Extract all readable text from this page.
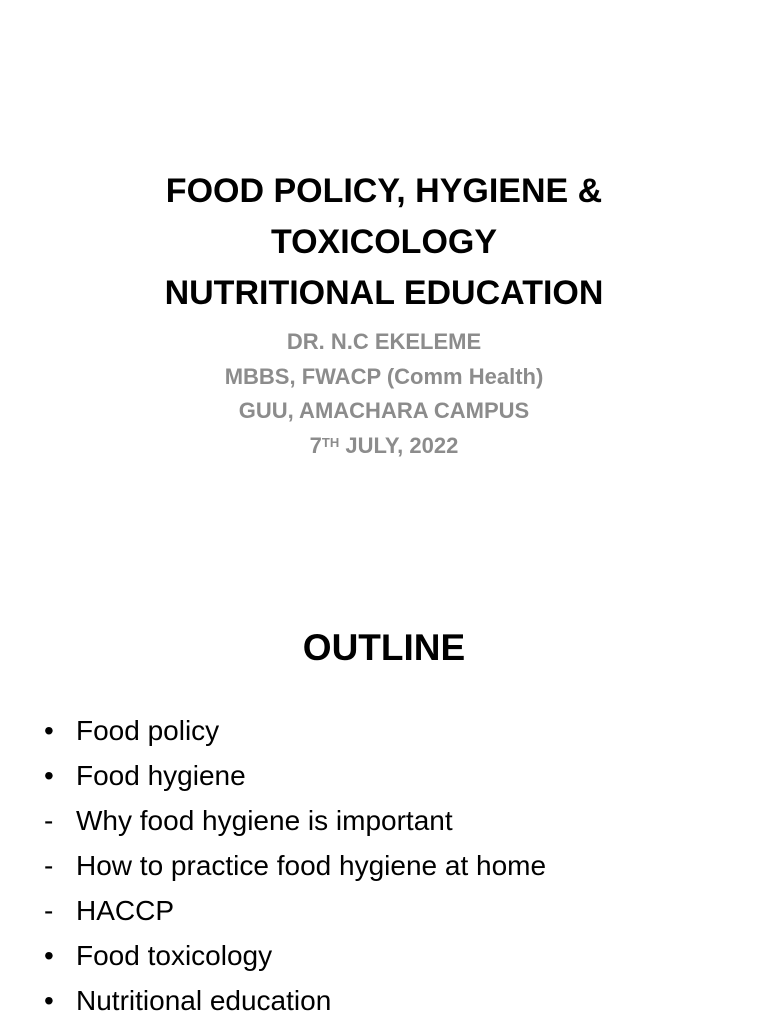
FOOD POLICY, HYGIENE &
TOXICOLOGY
NUTRITIONAL EDUCATION
DR. N.C EKELEME
MBBS, FWACP (Comm Health)
GUU, AMACHARA CAMPUS
7TH JULY, 2022
OUTLINE
• Food policy
• Food hygiene
- Why food hygiene is important
- How to practice food hygiene at home
- HACCP
• Food toxicology
• Nutritional education
